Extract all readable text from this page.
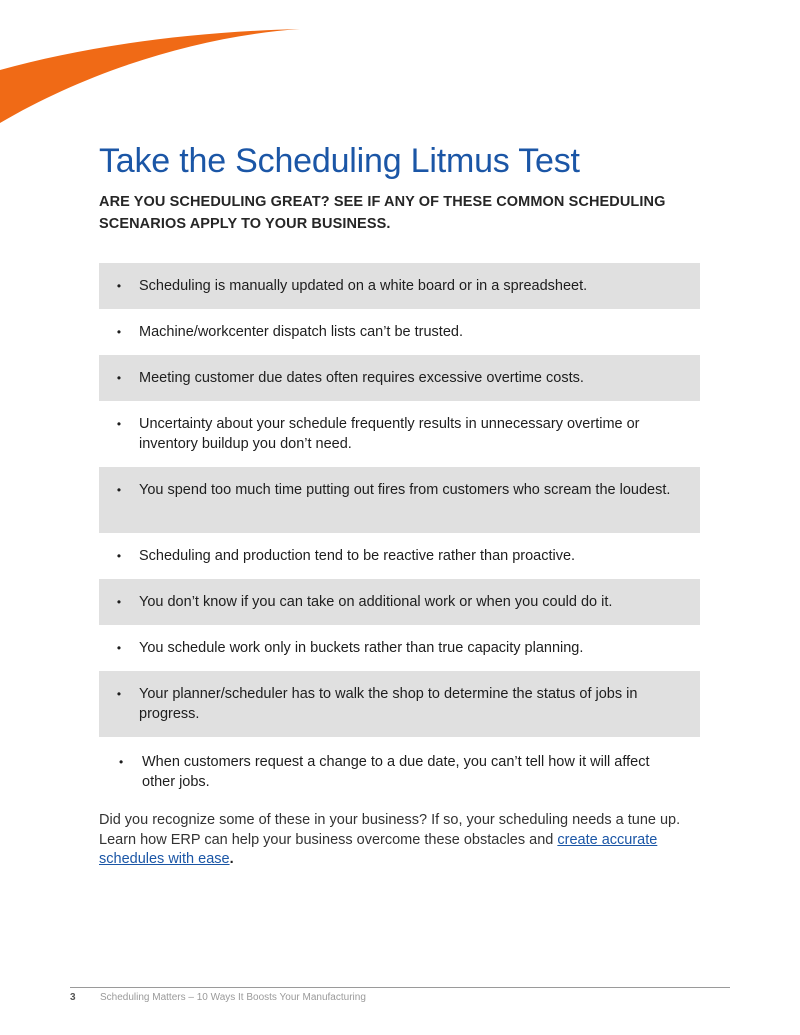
Take the Scheduling Litmus Test

ARE YOU SCHEDULING GREAT? SEE IF ANY OF THESE COMMON SCHEDULING SCENARIOS APPLY TO YOUR BUSINESS.

•	Scheduling is manually updated on a white board or in a spreadsheet.
•	Machine/workcenter dispatch lists can’t be trusted.
•	Meeting customer due dates often requires excessive overtime costs.
•	Uncertainty about your schedule frequently results in unnecessary overtime or inventory buildup you don’t need.
•	You spend too much time putting out fires from customers who scream the loudest.
•	Scheduling and production tend to be reactive rather than proactive.
•	You don’t know if you can take on additional work or when you could do it.
•	You schedule work only in buckets rather than true capacity planning.
•	Your planner/scheduler has to walk the shop to determine the status of jobs in progress.
•	When customers request a change to a due date, you can’t tell how it will affect other jobs.

Did you recognize some of these in your business? If so, your scheduling needs a tune up. Learn how ERP can help your business overcome these obstacles and create accurate schedules with ease.

3 Scheduling Matters – 10 Ways It Boosts Your Manufacturing
